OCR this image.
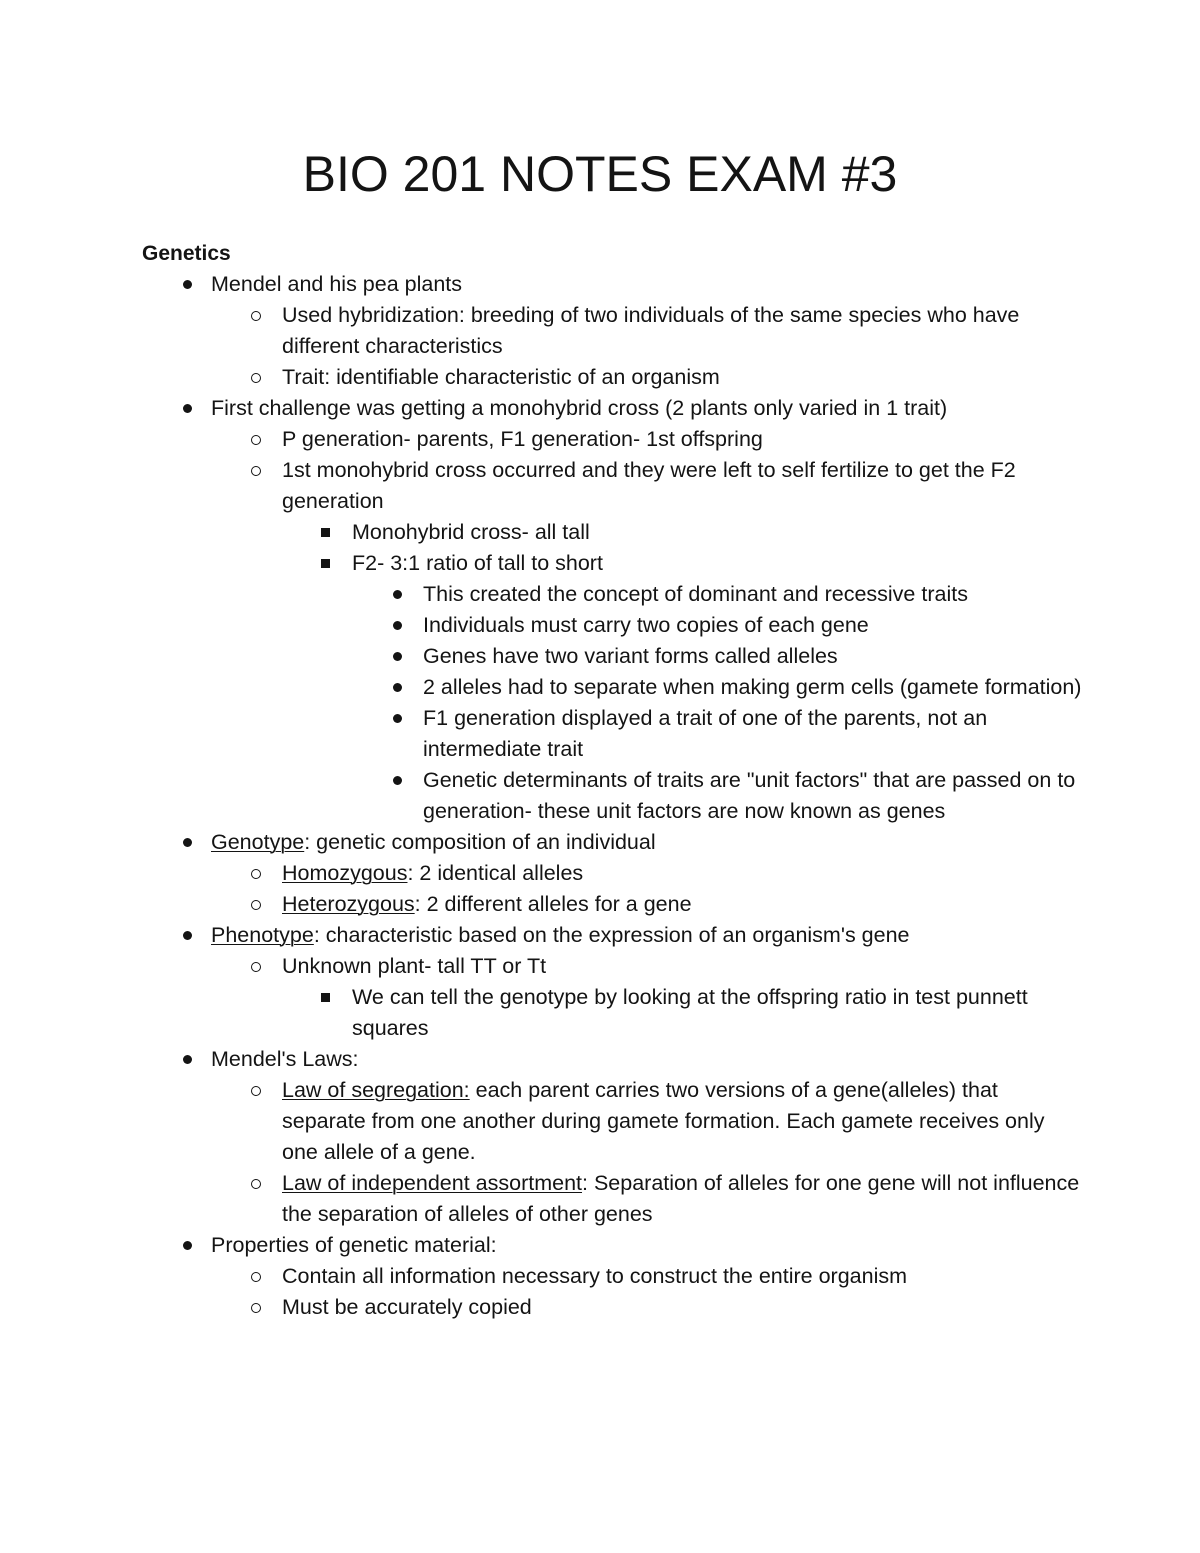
BIO 201 NOTES EXAM #3
Genetics
Mendel and his pea plants
Used hybridization: breeding of two individuals of the same species who have different characteristics
Trait: identifiable characteristic of an organism
First challenge was getting a monohybrid cross (2 plants only varied in 1 trait)
P generation- parents, F1 generation- 1st offspring
1st monohybrid cross occurred and they were left to self fertilize to get the F2 generation
Monohybrid cross- all tall
F2- 3:1 ratio of tall to short
This created the concept of dominant and recessive traits
Individuals must carry two copies of each gene
Genes have two variant forms called alleles
2 alleles had to separate when making germ cells (gamete formation)
F1 generation displayed a trait of one of the parents, not an intermediate trait
Genetic determinants of traits are "unit factors" that are passed on to generation- these unit factors are now known as genes
Genotype: genetic composition of an individual
Homozygous: 2 identical alleles
Heterozygous: 2 different alleles for a gene
Phenotype: characteristic based on the expression of an organism's gene
Unknown plant- tall TT or Tt
We can tell the genotype by looking at the offspring ratio in test punnett squares
Mendel's Laws:
Law of segregation: each parent carries two versions of a gene(alleles) that separate from one another during gamete formation. Each gamete receives only one allele of a gene.
Law of independent assortment: Separation of alleles for one gene will not influence the separation of alleles of other genes
Properties of genetic material:
Contain all information necessary to construct the entire organism
Must be accurately copied
